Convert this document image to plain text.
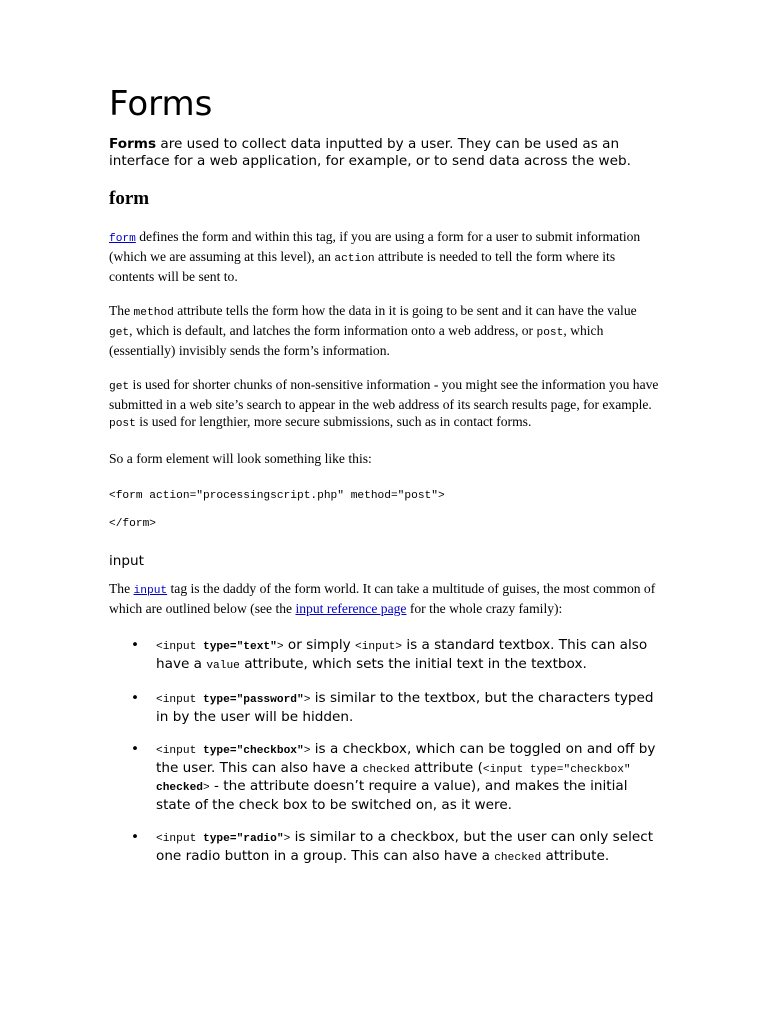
Forms

Forms are used to collect data inputted by a user. They can be used as an interface for a web application, for example, or to send data across the web.

form

form defines the form and within this tag, if you are using a form for a user to submit information (which we are assuming at this level), an action attribute is needed to tell the form where its contents will be sent to.

The method attribute tells the form how the data in it is going to be sent and it can have the value get, which is default, and latches the form information onto a web address, or post, which (essentially) invisibly sends the form’s information.

get is used for shorter chunks of non-sensitive information - you might see the information you have submitted in a web site’s search to appear in the web address of its search results page, for example. post is used for lengthier, more secure submissions, such as in contact forms.

So a form element will look something like this:

<form action="processingscript.php" method="post">

</form>

input

The input tag is the daddy of the form world. It can take a multitude of guises, the most common of which are outlined below (see the input reference page for the whole crazy family):

• <input type="text"> or simply <input> is a standard textbox. This can also have a value attribute, which sets the initial text in the textbox.
• <input type="password"> is similar to the textbox, but the characters typed in by the user will be hidden.
• <input type="checkbox"> is a checkbox, which can be toggled on and off by the user. This can also have a checked attribute (<input type="checkbox" checked> - the attribute doesn’t require a value), and makes the initial state of the check box to be switched on, as it were.
• <input type="radio"> is similar to a checkbox, but the user can only select one radio button in a group. This can also have a checked attribute.
